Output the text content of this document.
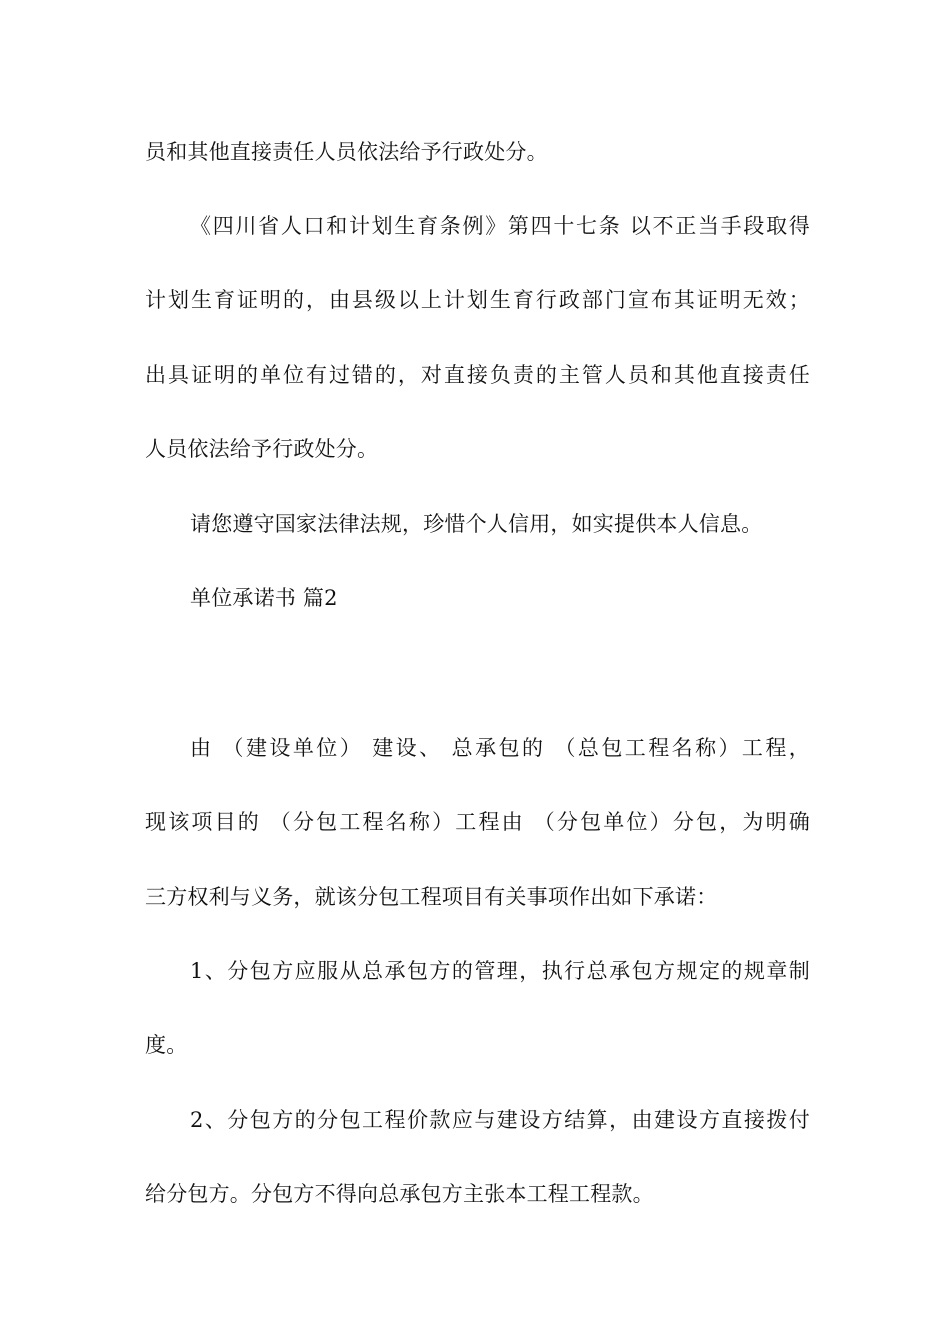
员和其他直接责任人员依法给予行政处分。
《四川省人口和计划生育条例》第四十七条 以不正当手段取得
计划生育证明的，由县级以上计划生育行政部门宣布其证明无效；
出具证明的单位有过错的，对直接负责的主管人员和其他直接责任
人员依法给予行政处分。
请您遵守国家法律法规，珍惜个人信用，如实提供本人信息。
单位承诺书 篇2
由 （建设单位） 建设、 总承包的 （总包工程名称）工程，
现该项目的 （分包工程名称）工程由 （分包单位）分包，为明确
三方权利与义务，就该分包工程项目有关事项作出如下承诺：
1、分包方应服从总承包方的管理，执行总承包方规定的规章制
度。
2、分包方的分包工程价款应与建设方结算，由建设方直接拨付
给分包方。分包方不得向总承包方主张本工程工程款。
